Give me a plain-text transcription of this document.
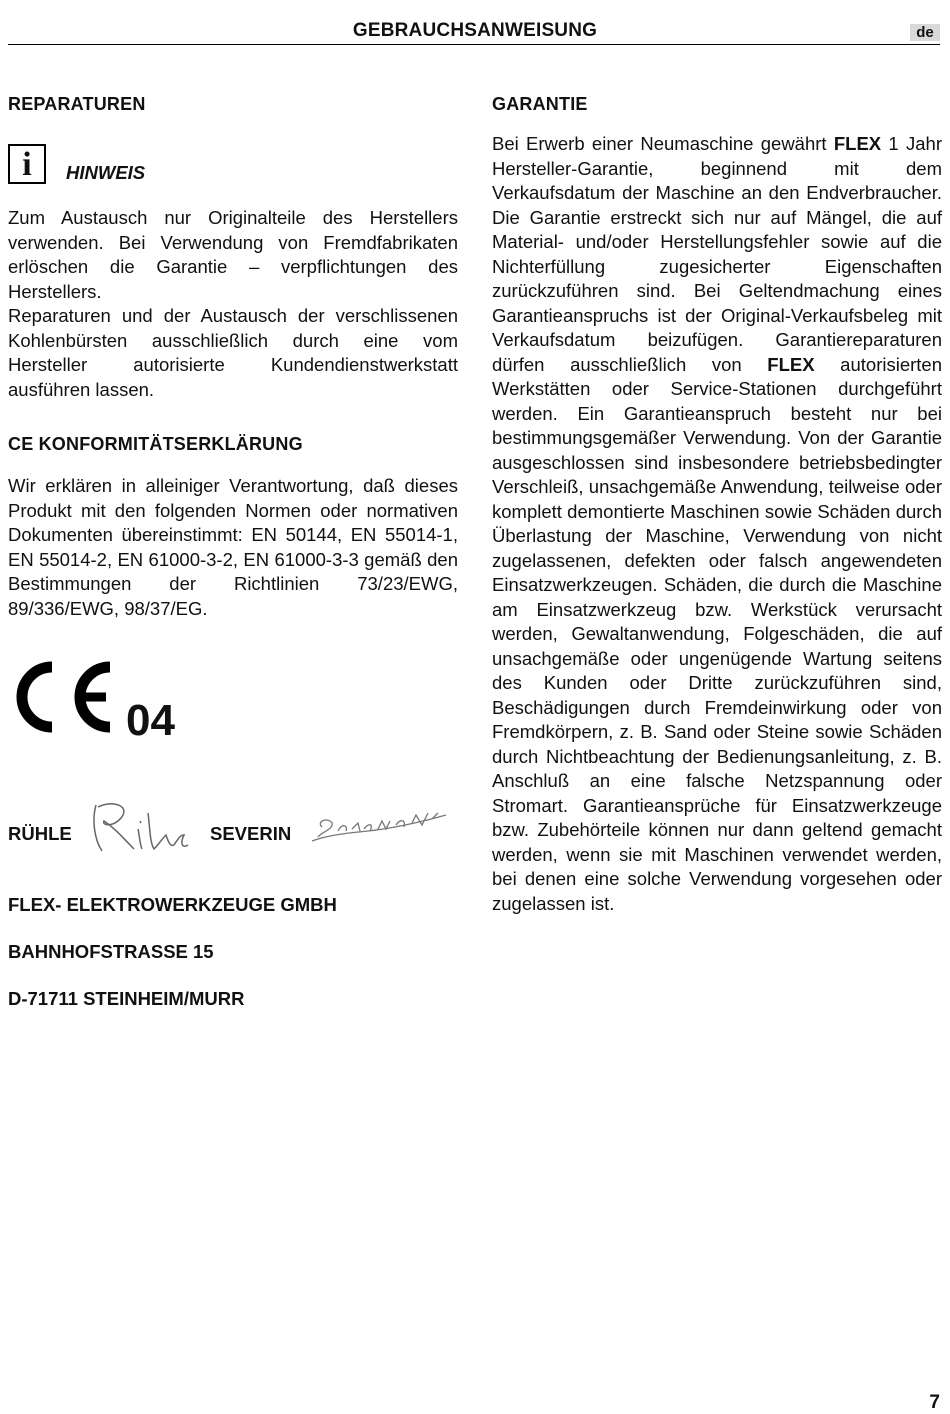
GEBRAUCHSANWEISUNG	de
REPARATUREN
i	HINWEIS

Zum Austausch nur Originalteile des Herstellers verwenden. Bei Verwendung von Fremdfabrikaten erlöschen die Garantie – verpflichtungen des Herstellers.

Reparaturen und der Austausch der verschlissenen Kohlenbürsten ausschließlich durch eine vom Hersteller autorisierte Kundendienstwerkstatt ausführen lassen.

CE KONFORMITÄTSERKLÄRUNG

Wir erklären in alleiniger Verantwortung, daß dieses Produkt mit den folgenden Normen oder normativen Dokumenten übereinstimmt: EN 50144, EN 55014-1, EN 55014-2, EN 61000-3-2, EN 61000-3-3 gemäß den Bestimmungen der Richtlinien 73/23/EWG, 89/336/EWG, 98/37/EG.

04
RÜHLE	SEVERIN
FLEX- ELEKTROWERKZEUGE GMBH
BAHNHOFSTRASSE 15
D-71711 STEINHEIM/MURR
GARANTIE

Bei Erwerb einer Neumaschine gewährt FLEX 1 Jahr Hersteller-Garantie, beginnend mit dem Verkaufsdatum der Maschine an den Endverbraucher. Die Garantie erstreckt sich nur auf Mängel, die auf Material- und/oder Herstellungsfehler sowie auf die Nichterfüllung zugesicherter Eigenschaften zurückzuführen sind. Bei Geltendmachung eines Garantieanspruchs ist der Original-Verkaufsbeleg mit Verkaufsdatum beizufügen. Garantiereparaturen dürfen ausschließlich von FLEX autorisierten Werkstätten oder Service-Stationen durchgeführt werden. Ein Garantieanspruch besteht nur bei bestimmungsgemäßer Verwendung. Von der Garantie ausgeschlossen sind insbesondere betriebsbedingter Verschleiß, unsachgemäße Anwendung, teilweise oder komplett demontierte Maschinen sowie Schäden durch Überlastung der Maschine, Verwendung von nicht zugelassenen, defekten oder falsch angewendeten Einsatzwerkzeugen. Schäden, die durch die Maschine am Einsatzwerkzeug bzw. Werkstück verursacht werden, Gewaltanwendung, Folgeschäden, die auf unsachgemäße oder ungenügende Wartung seitens des Kunden oder Dritte zurückzuführen sind, Beschädigungen durch Fremdeinwirkung oder von Fremdkörpern, z. B. Sand oder Steine sowie Schäden durch Nichtbeachtung der Bedienungsanleitung, z. B. Anschluß an eine falsche Netzspannung oder Stromart. Garantieansprüche für Einsatzwerkzeuge bzw. Zubehörteile können nur dann geltend gemacht werden, wenn sie mit Maschinen verwendet werden, bei denen eine solche Verwendung vorgesehen oder zugelassen ist.

7
